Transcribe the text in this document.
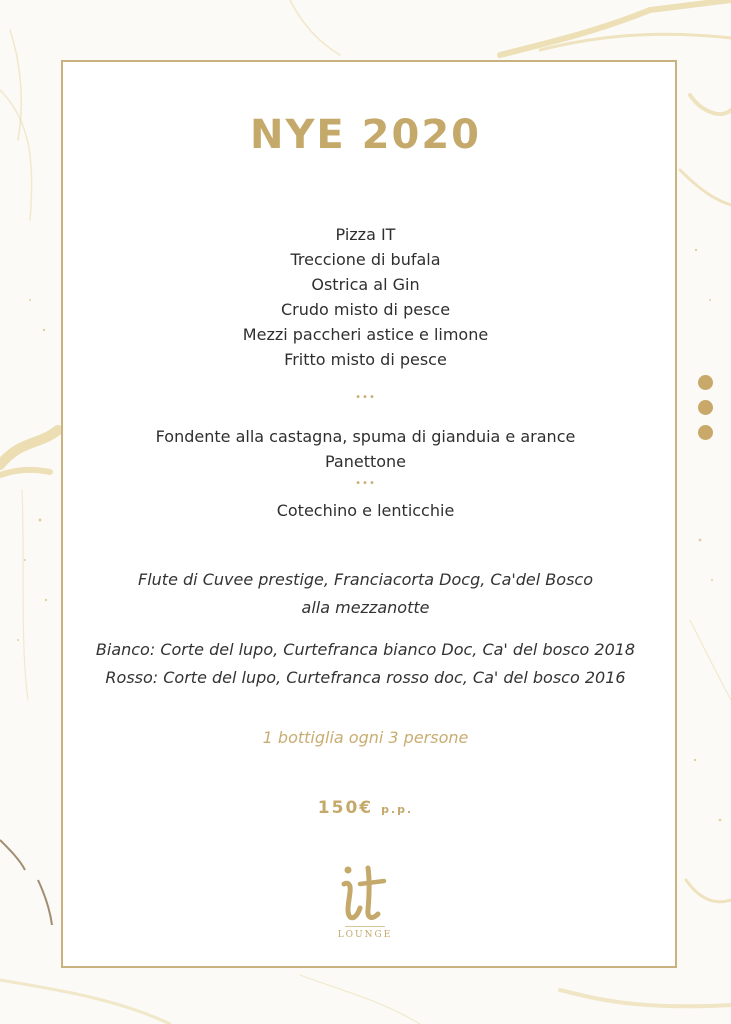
NYE 2020
Pizza IT
Treccione di bufala
Ostrica al Gin
Crudo misto di pesce
Mezzi paccheri astice e limone
Fritto misto di pesce
•••
Fondente alla castagna, spuma di gianduia e arance
Panettone
•••
Cotechino e lenticchie
Flute di Cuvee prestige, Franciacorta Docg, Ca'del Bosco
alla mezzanotte
Bianco: Corte del lupo, Curtefranca bianco Doc, Ca' del bosco 2018
Rosso: Corte del lupo, Curtefranca rosso doc, Ca' del bosco 2016
1 bottiglia ogni 3 persone
150€ p.p.
LOUNGE
